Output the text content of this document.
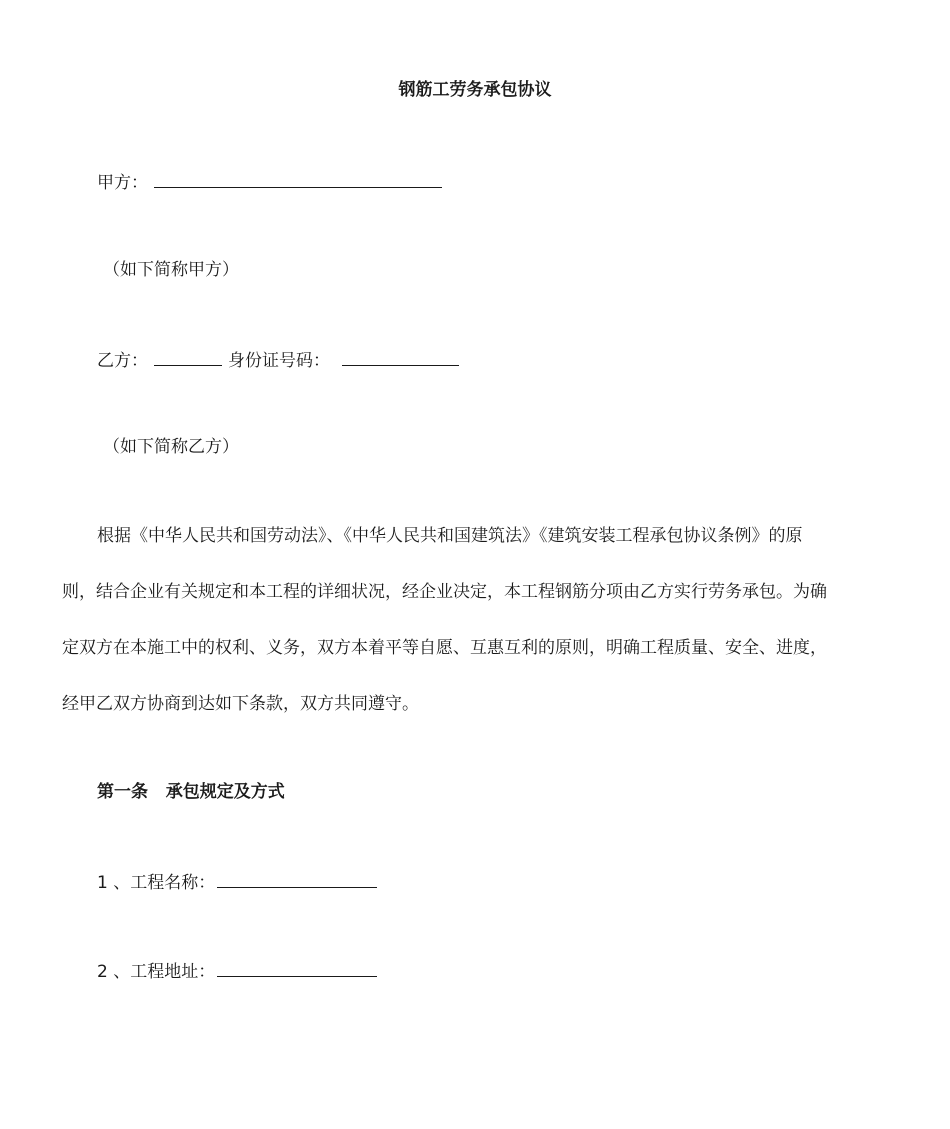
钢筋工劳务承包协议
甲方：
（如下简称甲方）
乙方：	身份证号码：
（如下简称乙方）
根据《中华人民共和国劳动法》、《中华人民共和国建筑法》《建筑安装工程承包协议条例》的原
则，结合企业有关规定和本工程的详细状况，经企业决定，本工程钢筋分项由乙方实行劳务承包。为确
定双方在本施工中的权利、义务，双方本着平等自愿、互惠互利的原则，明确工程质量、安全、进度，
经甲乙双方协商到达如下条款，双方共同遵守。
第一条   承包规定及方式
1 、工程名称：
2 、工程地址：
